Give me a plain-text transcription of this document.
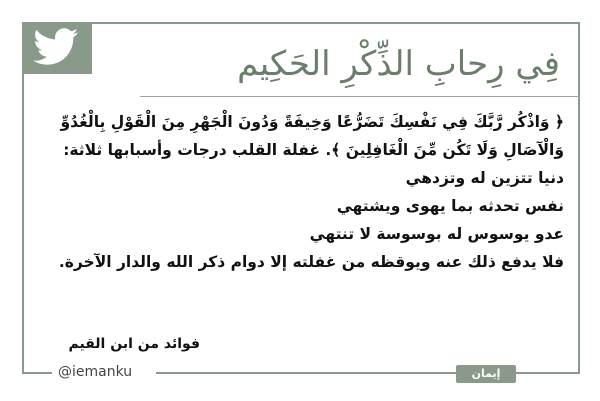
فِي رِحابِ الذِّكْرِ الحَكِيم

﴿ وَاذْكُر رَّبَّكَ فِي نَفْسِكَ تَضَرُّعًا وَخِيفَةً وَدُونَ الْجَهْرِ مِنَ الْقَوْلِ بِالْغُدُوِّ

وَالْآصَالِ وَلَا تَكُن مِّنَ الْغَافِلِينَ ﴾. غفلة القلب درجات وأسبابها ثلاثة:

دنيا تتزين له وتزدهي

نفس تحدثه بما يهوى ويشتهي

عدو يوسوس له بوسوسة لا تنتهي

فلا يدفع ذلك عنه ويوقظه من غفلته إلا دوام ذكر الله والدار الآخرة.

فوائد من ابن القيم
@iemanku	إيمان كردي
